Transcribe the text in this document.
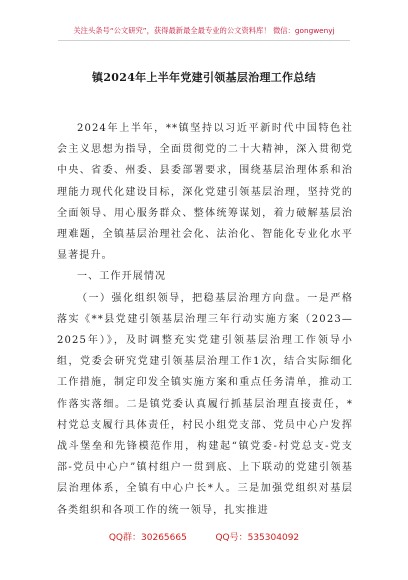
关注头条号“公文研究”，获得最新最全最专业的公文资料库！ 微信：gongwenyj
镇2024年上半年党建引领基层治理工作总结

2024年上半年，**镇坚持以习近平新时代中国特色社会主义思想为指导，全面贯彻党的二十大精神，深入贯彻党中央、省委、州委、县委部署要求，围绕基层治理体系和治理能力现代化建设目标，深化党建引领基层治理，坚持党的全面领导、用心服务群众、整体统筹谋划，着力破解基层治理难题，全镇基层治理社会化、法治化、智能化专业化水平显著提升。

一、工作开展情况

（一）强化组织领导，把稳基层治理方向盘。一是严格落实《**县党建引领基层治理三年行动实施方案（2023—2025年）》，及时调整充实党建引领基层治理工作领导小组，党委会研究党建引领基层治理工作1次，结合实际细化工作措施，制定印发全镇实施方案和重点任务清单，推动工作落实落细。二是镇党委认真履行抓基层治理直接责任，*村党总支履行具体责任，村民小组党支部、党员中心户发挥战斗堡垒和先锋模范作用，构建起“镇党委-村党总支-党支部-党员中心户”镇村组户一贯到底、上下联动的党建引领基层治理体系，全镇有中心户长*人。三是加强党组织对基层各类组织和各项工作的统一领导，扎实推进

QQ群：30265665	QQ号：535304092
